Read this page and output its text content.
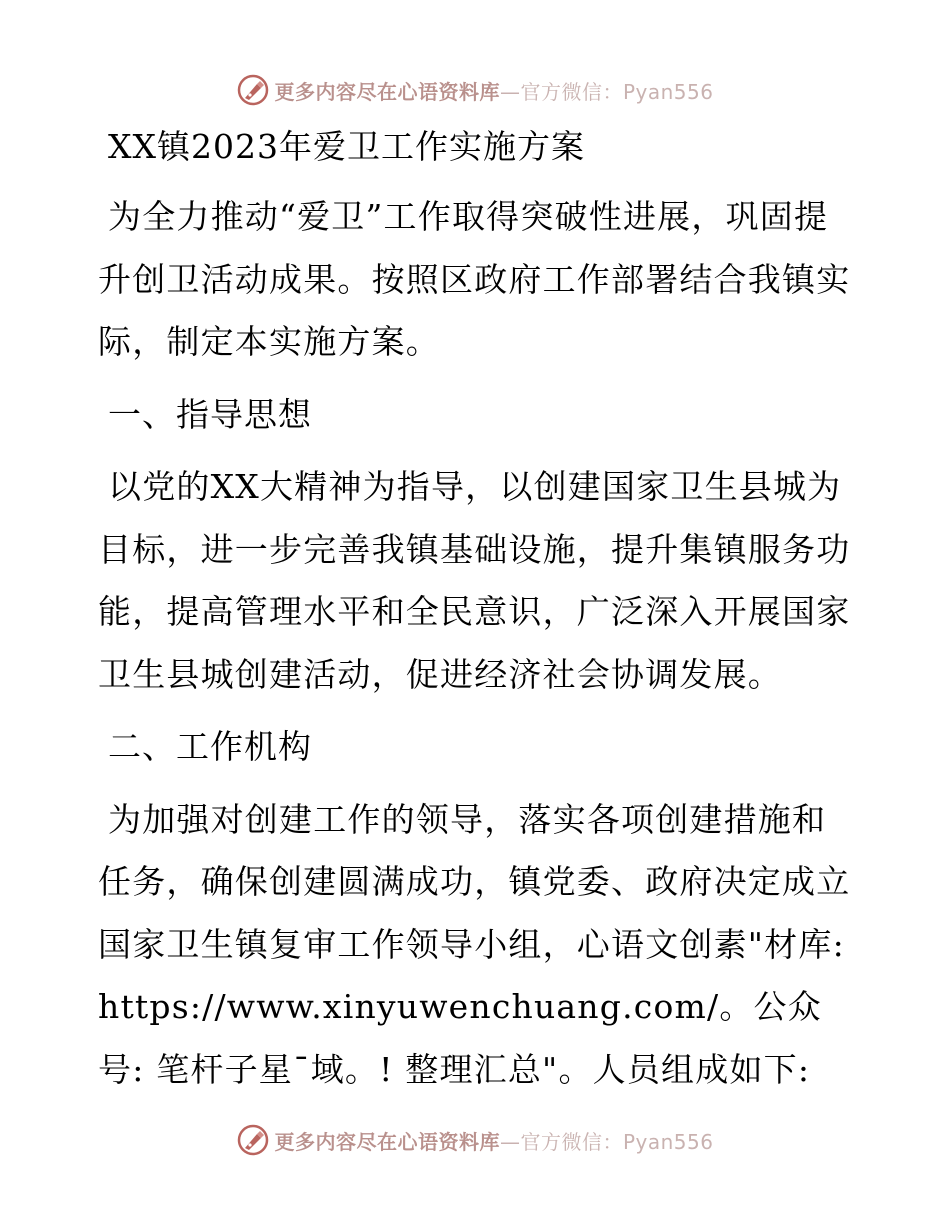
更多内容尽在心语资料库—官方微信：Pyan556
XX镇2023年爱卫工作实施方案
为全力推动“爱卫”工作取得突破性进展，巩固提升创卫活动成果。按照区政府工作部署结合我镇实际，制定本实施方案。
一、指导思想
以党的XX大精神为指导，以创建国家卫生县城为目标，进一步完善我镇基础设施，提升集镇服务功能，提高管理水平和全民意识，广泛深入开展国家卫生县城创建活动，促进经济社会协调发展。
二、工作机构
为加强对创建工作的领导，落实各项创建措施和任务，确保创建圆满成功，镇党委、政府决定成立国家卫生镇复审工作领导小组，心语文创素"材库: https://www.xinyuwenchuang.com/。公众号: 笔杆子星¯域。! 整理汇总"。人员组成如下:
更多内容尽在心语资料库—官方微信：Pyan556
